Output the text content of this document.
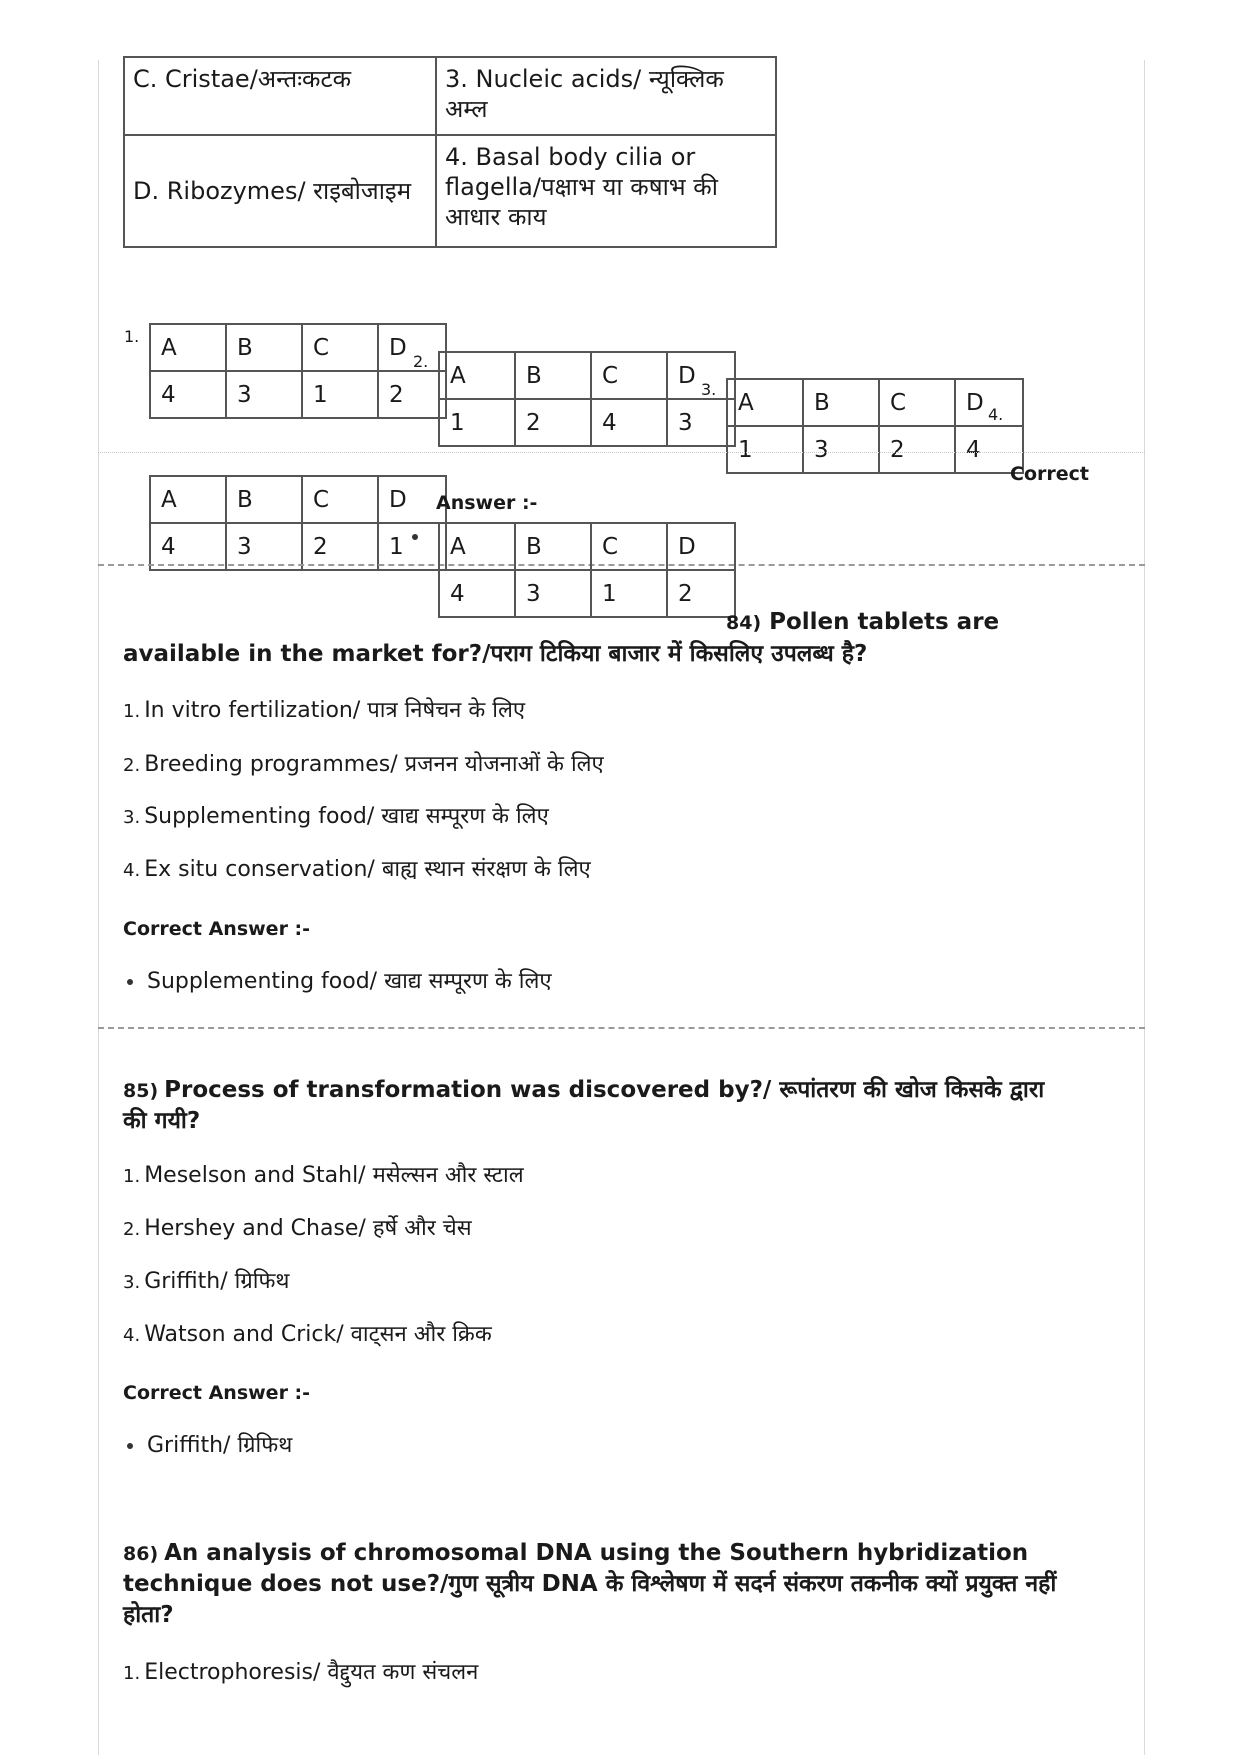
C. Cristae/अन्तःकटक	3. Nucleic acids/ न्यूक्लिक अम्ल
D. Ribozymes/ राइबोजाइम	4. Basal body cilia or flagella/पक्षाभ या कषाभ की आधार काय
1. A	B	C	D
4	3	1	2
2.
A	B	C	D
1	2	4	3
3. A	B	C	D
1	3	2	4
4.
Correct
A	B	C	D
4	3	2	1
Answer :-
A	B	C	D
4	3	1	2
84) Pollen tablets are
available in the market for?/पराग टिकिया बाजार में किसलिए उपलब्ध है?
1. In vitro fertilization/ पात्र निषेचन के लिए
2. Breeding programmes/ प्रजनन योजनाओं के लिए
3. Supplementing food/ खाद्य सम्पूरण के लिए
4. Ex situ conservation/ बाह्य स्थान संरक्षण के लिए
Correct Answer :-
Supplementing food/ खाद्य सम्पूरण के लिए
85) Process of transformation was discovered by?/ रूपांतरण की खोज किसके द्वारा
की गयी?
1. Meselson and Stahl/ मसेल्सन और स्टाल
2. Hershey and Chase/ हर्षे और चेस
3. Griffith/ ग्रिफिथ
4. Watson and Crick/ वाट्सन और क्रिक
Correct Answer :-
Griffith/ ग्रिफिथ
86) An analysis of chromosomal DNA using the Southern hybridization
technique does not use?/गुण सूत्रीय DNA के विश्लेषण में सदर्न संकरण तकनीक क्यों प्रयुक्त नहीं
होता?
1. Electrophoresis/ वैद्दुयत कण संचलन
